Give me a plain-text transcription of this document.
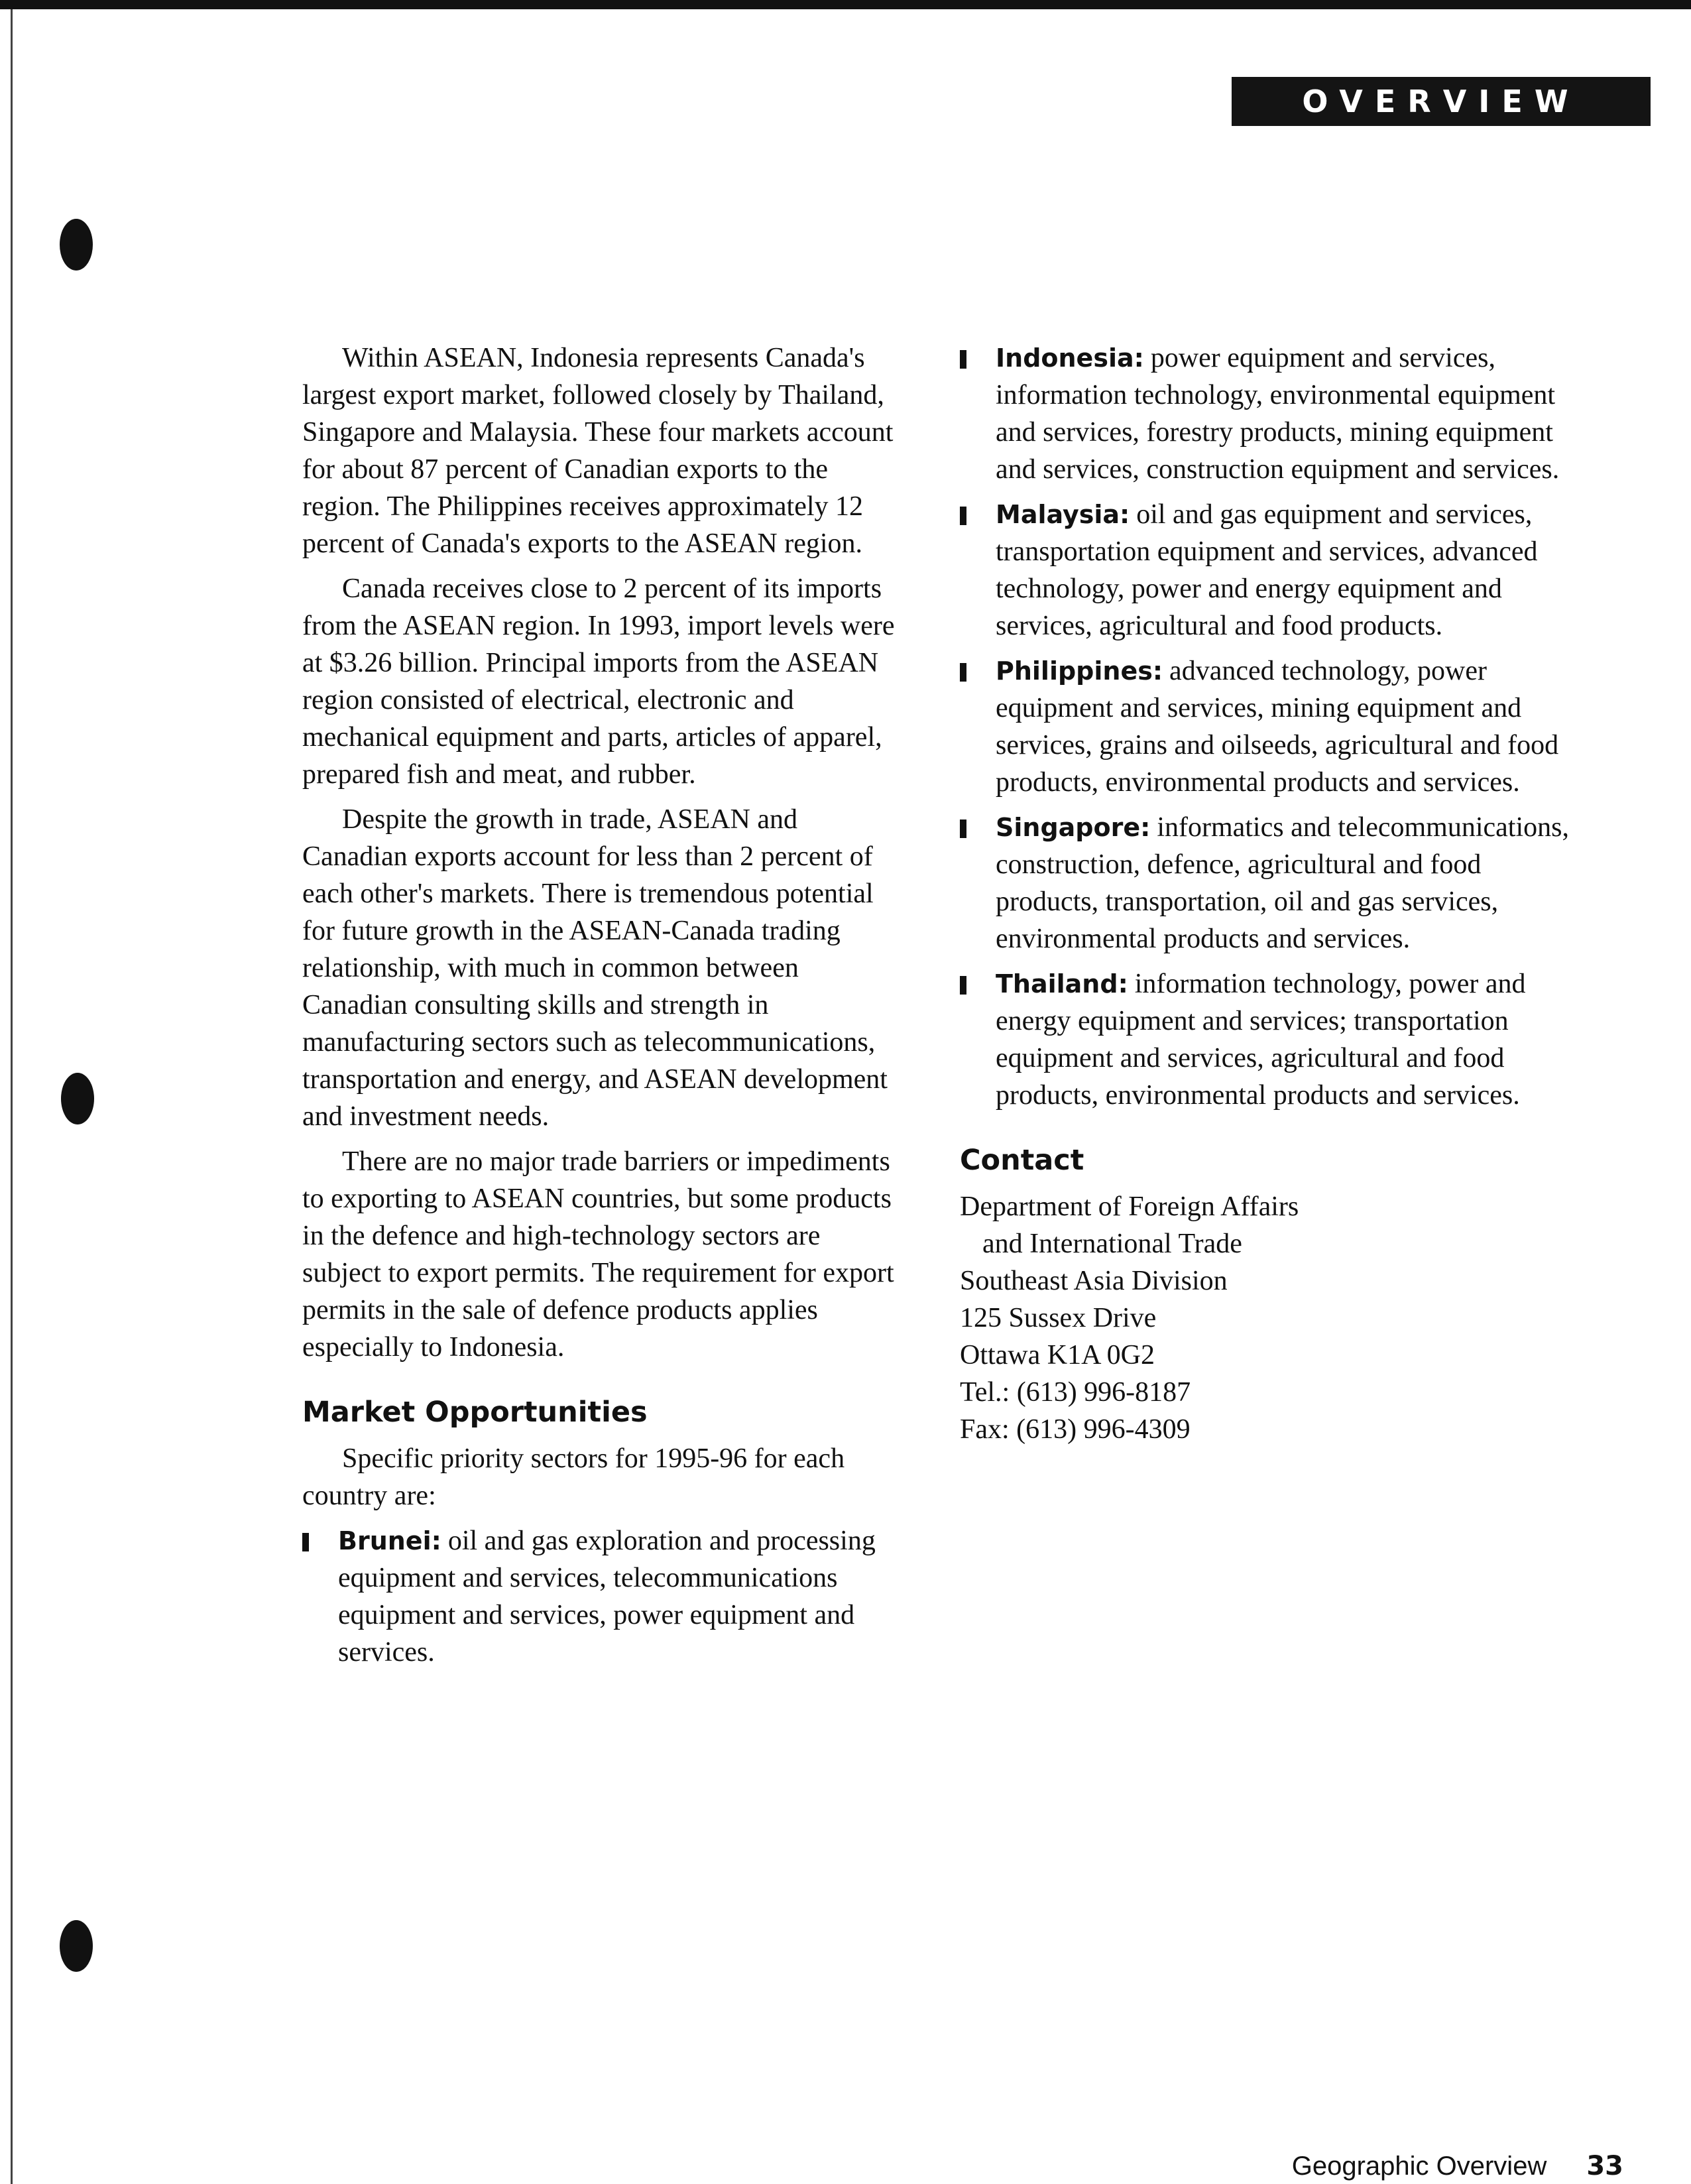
OVERVIEW

Within ASEAN, Indonesia represents Canada's largest export market, followed closely by Thailand, Singapore and Malaysia. These four markets account for about 87 percent of Canadian exports to the region. The Philippines receives approximately 12 percent of Canada's exports to the ASEAN region.

Canada receives close to 2 percent of its imports from the ASEAN region. In 1993, import levels were at $3.26 billion. Principal imports from the ASEAN region consisted of electrical, electronic and mechanical equipment and parts, articles of apparel, prepared fish and meat, and rubber.

Despite the growth in trade, ASEAN and Canadian exports account for less than 2 percent of each other's markets. There is tremendous potential for future growth in the ASEAN-Canada trading relationship, with much in common between Canadian consulting skills and strength in manufacturing sectors such as telecommunications, transportation and energy, and ASEAN development and investment needs.

There are no major trade barriers or impediments to exporting to ASEAN countries, but some products in the defence and high-technology sectors are subject to export permits. The requirement for export permits in the sale of defence products applies especially to Indonesia.

Market Opportunities

Specific priority sectors for 1995-96 for each country are:

Brunei: oil and gas exploration and processing equipment and services, telecommunications equipment and services, power equipment and services.
Indonesia: power equipment and services, information technology, environmental equipment and services, forestry products, mining equipment and services, construction equipment and services.
Malaysia: oil and gas equipment and services, transportation equipment and services, advanced technology, power and energy equipment and services, agricultural and food products.
Philippines: advanced technology, power equipment and services, mining equipment and services, grains and oilseeds, agricultural and food products, environmental products and services.
Singapore: informatics and telecommunications, construction, defence, agricultural and food products, transportation, oil and gas services, environmental products and services.
Thailand: information technology, power and energy equipment and services; transportation equipment and services, agricultural and food products, environmental products and services.
Contact

Department of Foreign Affairs

and International Trade

Southeast Asia Division

125 Sussex Drive

Ottawa K1A 0G2

Tel.: (613) 996-8187

Fax: (613) 996-4309

Geographic Overview 33
